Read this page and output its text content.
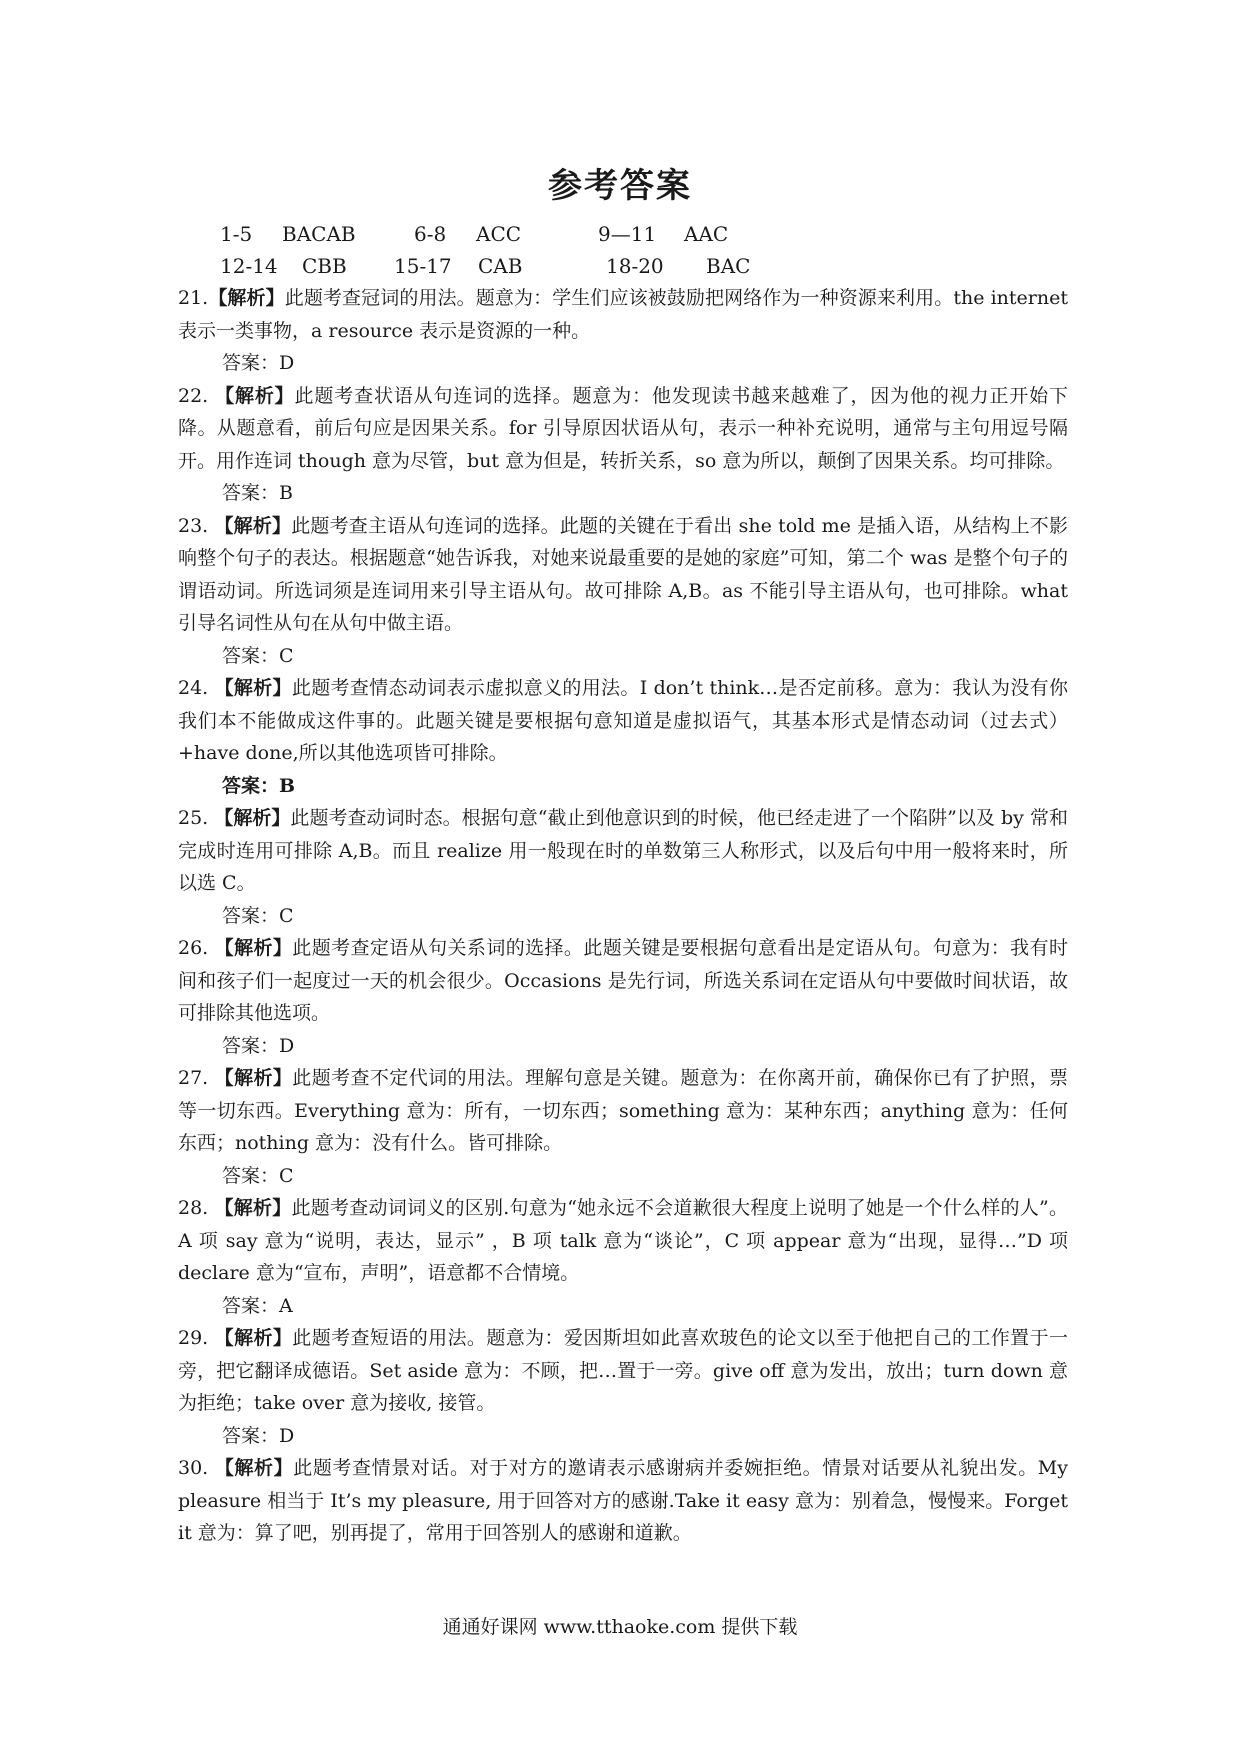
参考答案
1-5 BACAB	6-8 ACC	9—11 AAC
12-14 CBB 15-17 CAB	18-20 BAC

21.【解析】此题考查冠词的用法。题意为：学生们应该被鼓励把网络作为一种资源来利用。the internet 表示一类事物，a resource 表示是资源的一种。

答案：D

22. 【解析】此题考查状语从句连词的选择。题意为：他发现读书越来越难了，因为他的视力正开始下降。从题意看，前后句应是因果关系。for 引导原因状语从句，表示一种补充说明，通常与主句用逗号隔开。用作连词 though 意为尽管，but 意为但是，转折关系，so 意为所以，颠倒了因果关系。均可排除。

答案：B

23. 【解析】此题考查主语从句连词的选择。此题的关键在于看出 she told me 是插入语，从结构上不影响整个句子的表达。根据题意“她告诉我，对她来说最重要的是她的家庭”可知，第二个 was 是整个句子的谓语动词。所选词须是连词用来引导主语从句。故可排除 A,B。as 不能引导主语从句，也可排除。what 引导名词性从句在从句中做主语。

答案：C

24. 【解析】此题考查情态动词表示虚拟意义的用法。I don’t think…是否定前移。意为：我认为没有你我们本不能做成这件事的。此题关键是要根据句意知道是虚拟语气，其基本形式是情态动词（过去式）+have done,所以其他选项皆可排除。

答案：B

25. 【解析】此题考查动词时态。根据句意“截止到他意识到的时候，他已经走进了一个陷阱”以及 by 常和完成时连用可排除 A,B。而且 realize 用一般现在时的单数第三人称形式，以及后句中用一般将来时，所以选 C。

答案：C

26. 【解析】此题考查定语从句关系词的选择。此题关键是要根据句意看出是定语从句。句意为：我有时间和孩子们一起度过一天的机会很少。Occasions 是先行词，所选关系词在定语从句中要做时间状语，故可排除其他选项。

答案：D

27. 【解析】此题考查不定代词的用法。理解句意是关键。题意为：在你离开前，确保你已有了护照，票等一切东西。Everything 意为：所有，一切东西；something 意为：某种东西；anything 意为：任何东西；nothing 意为：没有什么。皆可排除。

答案：C

28. 【解析】此题考查动词词义的区别.句意为“她永远不会道歉很大程度上说明了她是一个什么样的人”。A 项 say 意为“说明，表达，显示” ，B 项 talk 意为“谈论”，C 项 appear 意为“出现，显得…”D 项 declare 意为“宣布，声明”，语意都不合情境。

答案：A

29. 【解析】此题考查短语的用法。题意为：爱因斯坦如此喜欢玻色的论文以至于他把自己的工作置于一旁，把它翻译成德语。Set aside 意为：不顾，把…置于一旁。give off 意为发出，放出；turn down 意为拒绝；take over 意为接收, 接管。

答案：D

30. 【解析】此题考查情景对话。对于对方的邀请表示感谢病并委婉拒绝。情景对话要从礼貌出发。My pleasure 相当于 It’s my pleasure, 用于回答对方的感谢.Take it easy 意为：别着急，慢慢来。Forget it 意为：算了吧，别再提了，常用于回答别人的感谢和道歉。

通通好课网 www.tthaoke.com 提供下载
